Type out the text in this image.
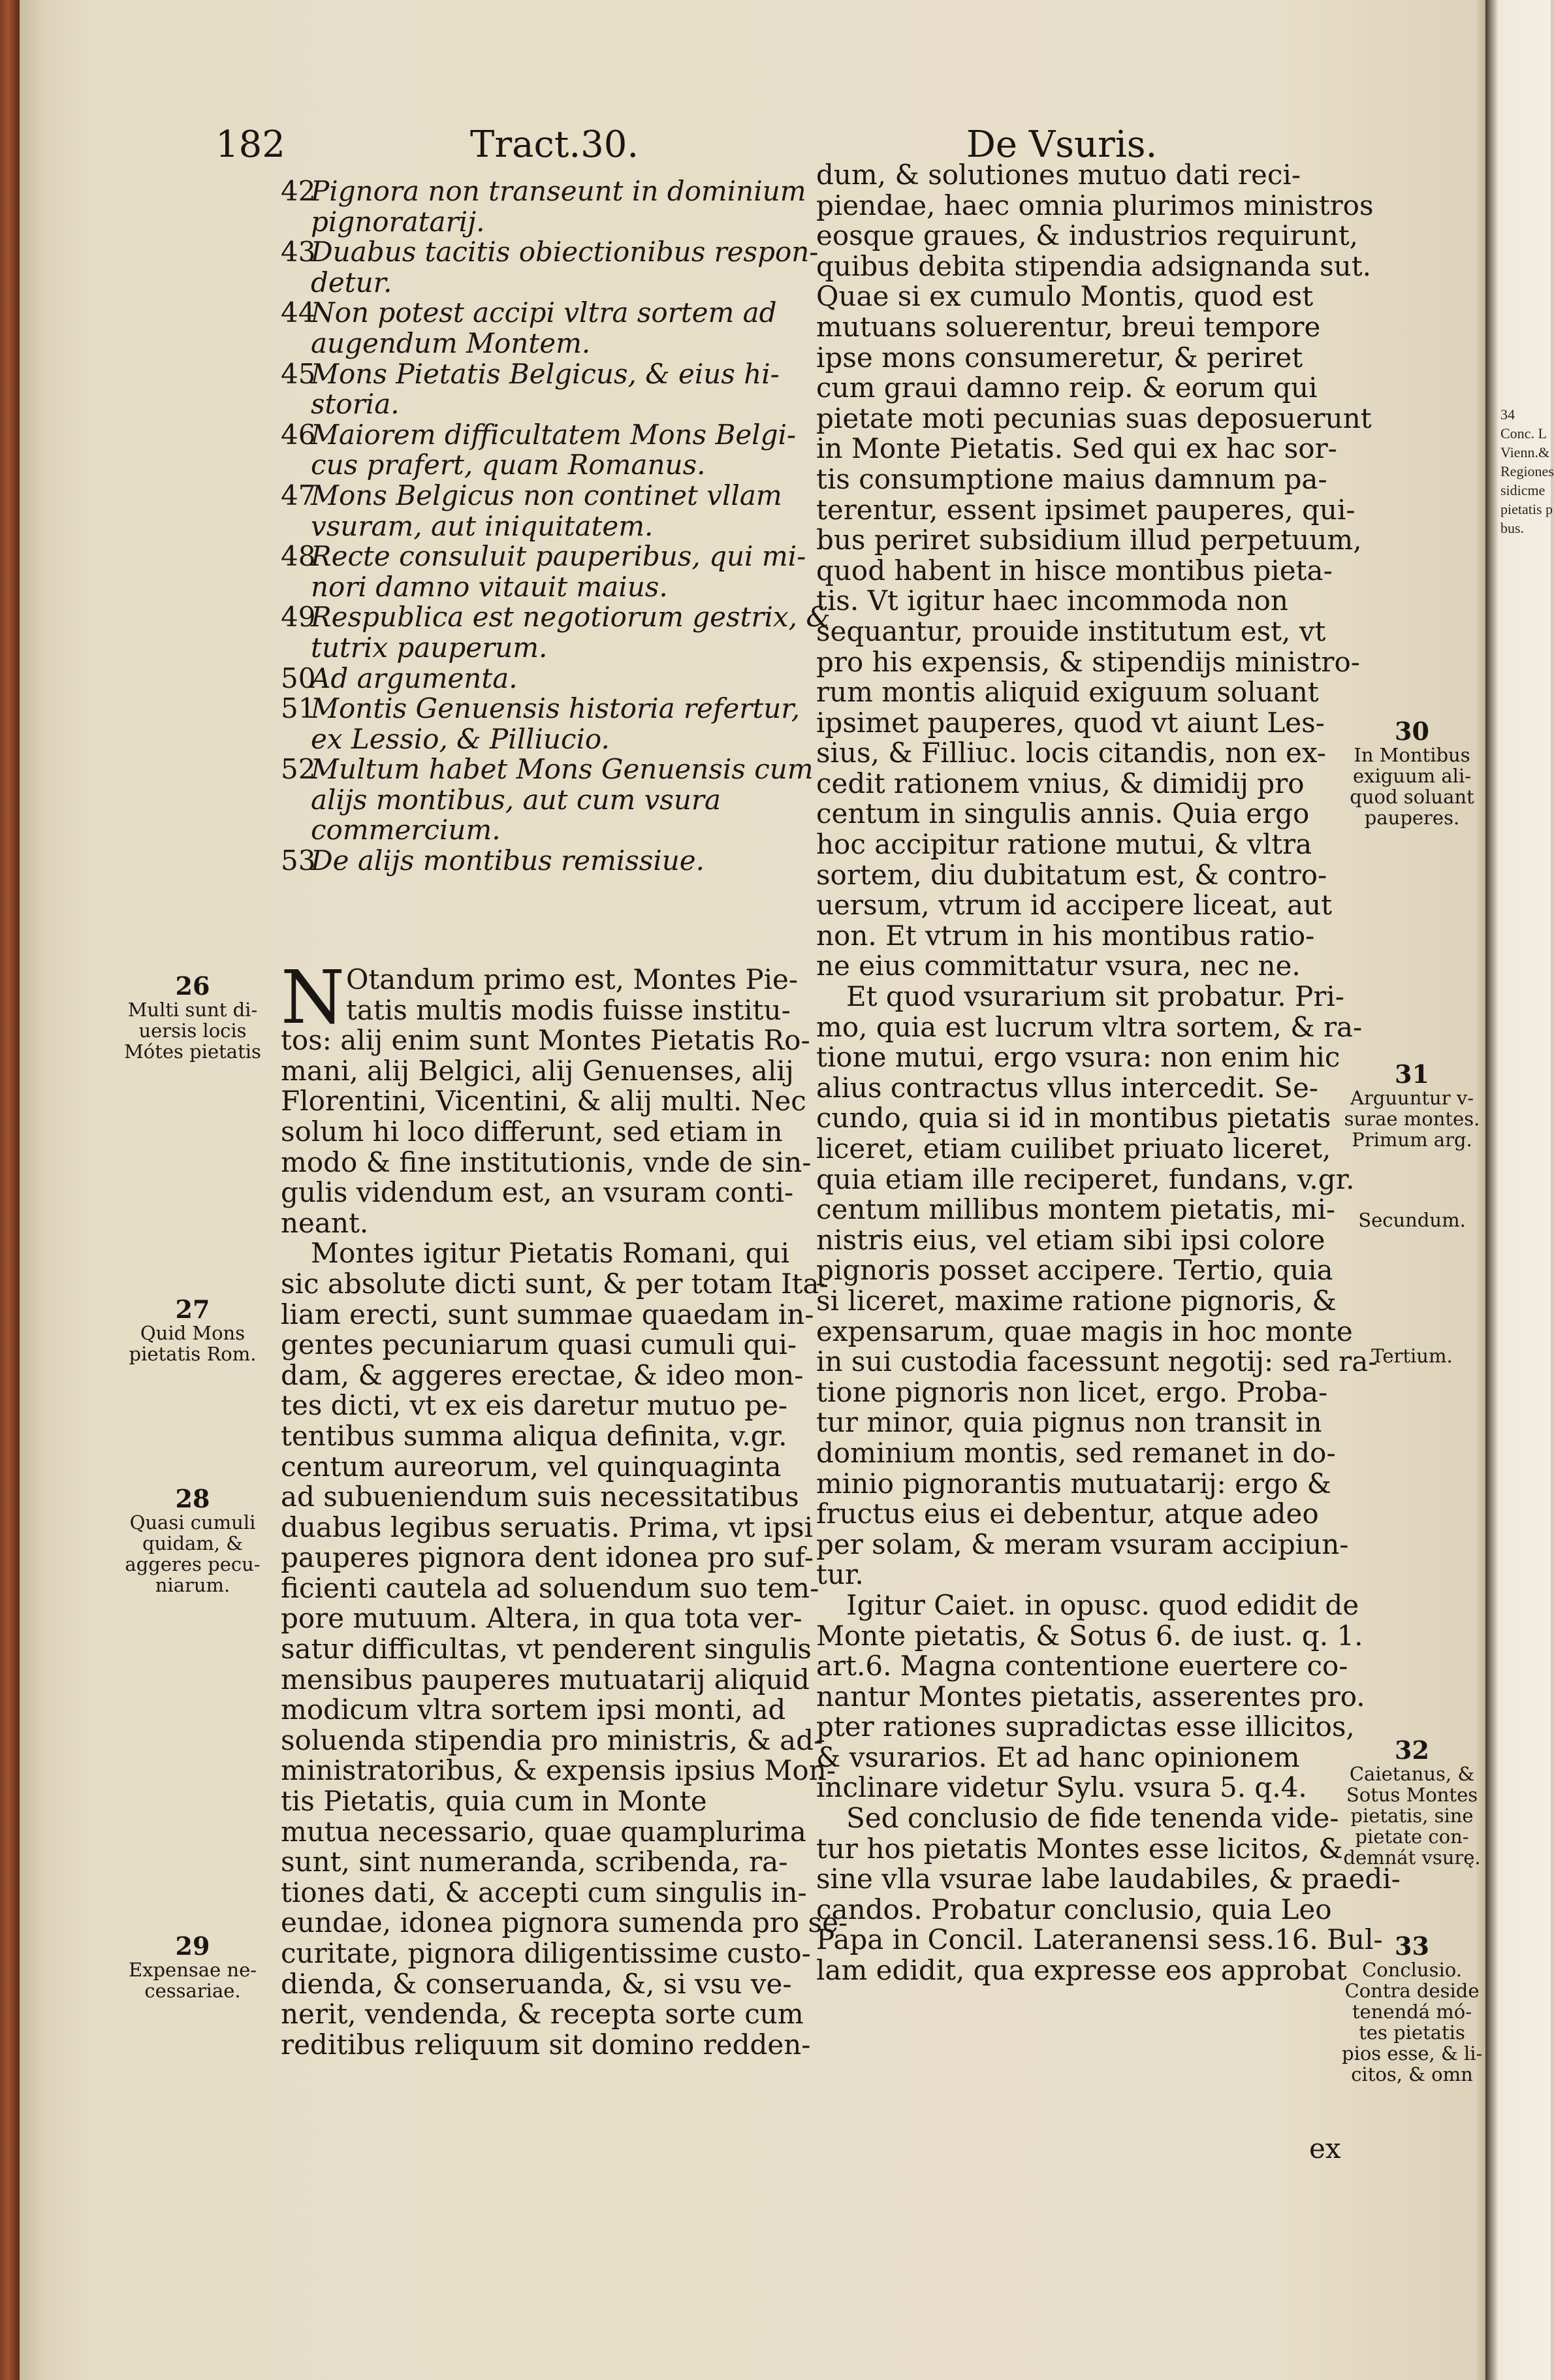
34
Conc. L
Vienn.&
Regiones
sidicme
pietatis p
bus.
182	Tract.30.	De Vsuris.
42Pignora non transeunt in dominium
pignoratarij.
43Duabus tacitis obiectionibus respon-
detur.
44Non potest accipi vltra sortem ad
augendum Montem.
45Mons Pietatis Belgicus, & eius hi-
storia.
46Maiorem difficultatem Mons Belgi-
cus prafert, quam Romanus.
47Mons Belgicus non continet vllam
vsuram, aut iniquitatem.
48Recte consuluit pauperibus, qui mi-
nori damno vitauit maius.
49Respublica est negotiorum gestrix, &
tutrix pauperum.
50Ad argumenta.
51Montis Genuensis historia refertur,
ex Lessio, & Pilliucio.
52Multum habet Mons Genuensis cum
alijs montibus, aut cum vsura
commercium.
53De alijs montibus remissiue.
N Otandum primo est, Montes Pie-
tatis multis modis fuisse institu-
tos: alij enim sunt Montes Pietatis Ro-
mani, alij Belgici, alij Genuenses, alij
Florentini, Vicentini, & alij multi. Nec
solum hi loco differunt, sed etiam in
modo & fine institutionis, vnde de sin-
gulis videndum est, an vsuram conti-
neant.
Montes igitur Pietatis Romani, qui
sic absolute dicti sunt, & per totam Ita-
liam erecti, sunt summae quaedam in-
gentes pecuniarum quasi cumuli qui-
dam, & aggeres erectae, & ideo mon-
tes dicti, vt ex eis daretur mutuo pe-
tentibus summa aliqua definita, v.gr.
centum aureorum, vel quinquaginta
ad subueniendum suis necessitatibus
duabus legibus seruatis. Prima, vt ipsi
pauperes pignora dent idonea pro suf-
ficienti cautela ad soluendum suo tem-
pore mutuum. Altera, in qua tota ver-
satur difficultas, vt penderent singulis
mensibus pauperes mutuatarij aliquid
modicum vltra sortem ipsi monti, ad
soluenda stipendia pro ministris, & ad-
ministratoribus, & expensis ipsius Mon-
tis Pietatis, quia cum in Monte
mutua necessario, quae quamplurima
sunt, sint numeranda, scribenda, ra-
tiones dati, & accepti cum singulis in-
eundae, idonea pignora sumenda pro se-
curitate, pignora diligentissime custo-
dienda, & conseruanda, &, si vsu ve-
nerit, vendenda, & recepta sorte cum
reditibus reliquum sit domino redden-
dum, & solutiones mutuo dati reci-
piendae, haec omnia plurimos ministros
eosque graues, & industrios requirunt,
quibus debita stipendia adsignanda sut.
Quae si ex cumulo Montis, quod est
mutuans soluerentur, breui tempore
ipse mons consumeretur, & periret
cum graui damno reip. & eorum qui
pietate moti pecunias suas deposuerunt
in Monte Pietatis. Sed qui ex hac sor-
tis consumptione maius damnum pa-
terentur, essent ipsimet pauperes, qui-
bus periret subsidium illud perpetuum,
quod habent in hisce montibus pieta-
tis. Vt igitur haec incommoda non
sequantur, prouide institutum est, vt
pro his expensis, & stipendijs ministro-
rum montis aliquid exiguum soluant
ipsimet pauperes, quod vt aiunt Les-
sius, & Filliuc. locis citandis, non ex-
cedit rationem vnius, & dimidij pro
centum in singulis annis. Quia ergo
hoc accipitur ratione mutui, & vltra
sortem, diu dubitatum est, & contro-
uersum, vtrum id accipere liceat, aut
non. Et vtrum in his montibus ratio-
ne eius committatur vsura, nec ne.
Et quod vsurarium sit probatur. Pri-
mo, quia est lucrum vltra sortem, & ra-
tione mutui, ergo vsura: non enim hic
alius contractus vllus intercedit. Se-
cundo, quia si id in montibus pietatis
liceret, etiam cuilibet priuato liceret,
quia etiam ille reciperet, fundans, v.gr.
centum millibus montem pietatis, mi-
nistris eius, vel etiam sibi ipsi colore
pignoris posset accipere. Tertio, quia
si liceret, maxime ratione pignoris, &
expensarum, quae magis in hoc monte
in sui custodia facessunt negotij: sed ra-
tione pignoris non licet, ergo. Proba-
tur minor, quia pignus non transit in
dominium montis, sed remanet in do-
minio pignorantis mutuatarij: ergo &
fructus eius ei debentur, atque adeo
per solam, & meram vsuram accipiun-
tur.
Igitur Caiet. in opusc. quod edidit de
Monte pietatis, & Sotus 6. de iust. q. 1.
art.6. Magna contentione euertere co-
nantur Montes pietatis, asserentes pro.
pter rationes supradictas esse illicitos,
& vsurarios. Et ad hanc opinionem
inclinare videtur Sylu. vsura 5. q.4.
Sed conclusio de fide tenenda vide-
tur hos pietatis Montes esse licitos, &
sine vlla vsurae labe laudabiles, & praedi-
candos. Probatur conclusio, quia Leo
Papa in Concil. Lateranensi sess.16. Bul-
lam edidit, qua expresse eos approbat
ex
26
Multi sunt di-
uersis locis
Mótes pietatis
27
Quid Mons
pietatis Rom.
28
Quasi cumuli
quidam, &
aggeres pecu-
niarum.
29
Expensae ne-
cessariae.
30
In Montibus
exiguum ali-
quod soluant
pauperes.
31
Arguuntur v-
surae montes.
Primum arg.
Secundum.
Tertium.
32
Caietanus, &
Sotus Montes
pietatis, sine
pietate con-
demnát vsurę.
33
Conclusio.
Contra deside
tenendá mó-
tes pietatis
pios esse, & li-
citos, & omn
